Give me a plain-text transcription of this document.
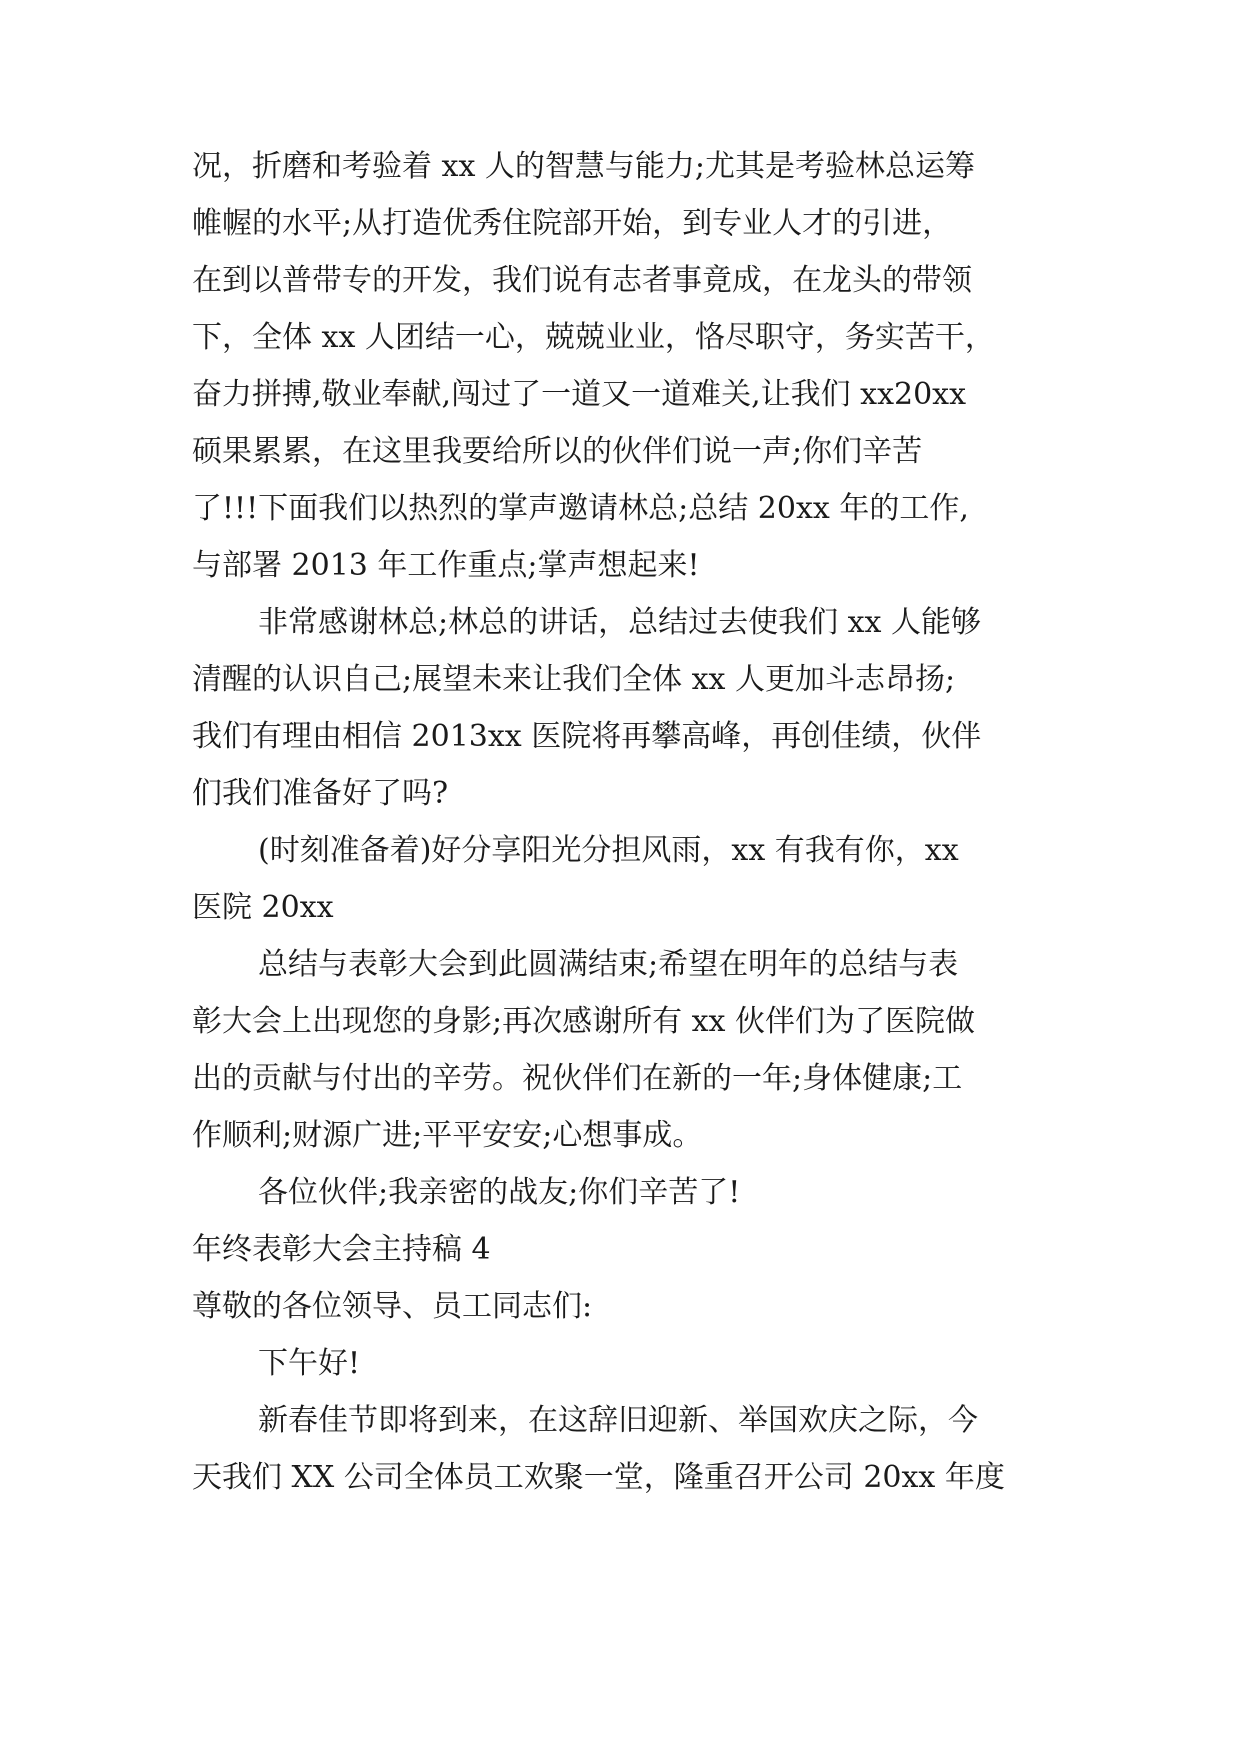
况，折磨和考验着 xx 人的智慧与能力;尤其是考验林总运筹
帷幄的水平;从打造优秀住院部开始，到专业人才的引进，
在到以普带专的开发，我们说有志者事竟成，在龙头的带领
下，全体 xx 人团结一心，兢兢业业，恪尽职守，务实苦干，
奋力拼搏,敬业奉献,闯过了一道又一道难关,让我们 xx20xx
硕果累累，在这里我要给所以的伙伴们说一声;你们辛苦
了!!!下面我们以热烈的掌声邀请林总;总结 20xx 年的工作,
与部署 2013 年工作重点;掌声想起来!
非常感谢林总;林总的讲话，总结过去使我们 xx 人能够
清醒的认识自己;展望未来让我们全体 xx 人更加斗志昂扬;
我们有理由相信 2013xx 医院将再攀高峰，再创佳绩，伙伴
们我们准备好了吗?
(时刻准备着)好分享阳光分担风雨，xx 有我有你，xx
医院 20xx
总结与表彰大会到此圆满结束;希望在明年的总结与表
彰大会上出现您的身影;再次感谢所有 xx 伙伴们为了医院做
出的贡献与付出的辛劳。祝伙伴们在新的一年;身体健康;工
作顺利;财源广进;平平安安;心想事成。
各位伙伴;我亲密的战友;你们辛苦了!
年终表彰大会主持稿 4
尊敬的各位领导、员工同志们:
下午好!
新春佳节即将到来，在这辞旧迎新、举国欢庆之际，今
天我们 XX 公司全体员工欢聚一堂，隆重召开公司 20xx 年度
